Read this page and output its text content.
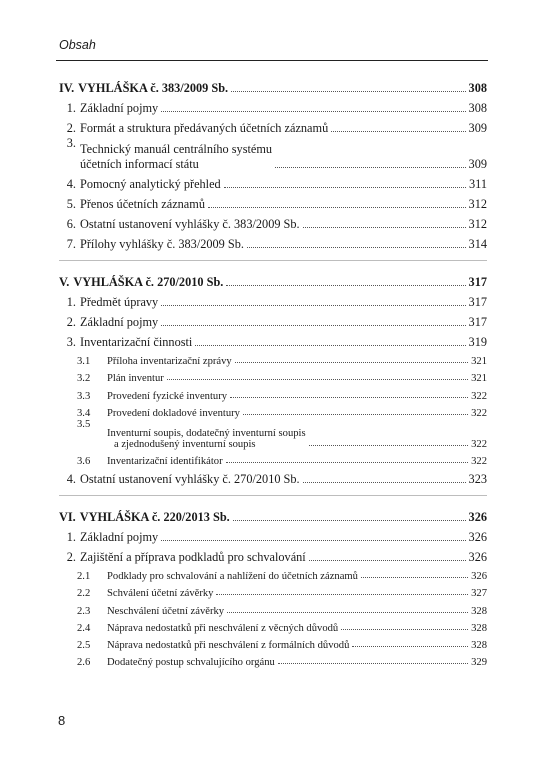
Obsah
IV. VYHLÁŠKA č. 383/2009 Sb.	308
1. Základní pojmy	308
2. Formát a struktura předávaných účetních záznamů	309
3. Technický manuál centrálního systému
účetních informací státu	309
4. Pomocný analytický přehled	311
5. Přenos účetních záznamů	312
6. Ostatní ustanovení vyhlášky č. 383/2009 Sb.	312
7. Přílohy vyhlášky č. 383/2009 Sb.	314
V. VYHLÁŠKA č. 270/2010 Sb.	317
1. Předmět úpravy	317
2. Základní pojmy	317
3. Inventarizační činnosti	319
3.1	Příloha inventarizační zprávy	321
3.2	Plán inventur	321
3.3	Provedení fyzické inventury	322
3.4	Provedení dokladové inventury	322
3.5
Inventurní soupis, dodatečný inventurní soupis
a zjednodušený inventurní soupis	322
3.6	Inventarizační identifikátor	322
4. Ostatní ustanovení vyhlášky č. 270/2010 Sb.	323
VI. VYHLÁŠKA č. 220/2013 Sb.	326
1. Základní pojmy	326
2. Zajištění a příprava podkladů pro schvalování	326
2.1	Podklady pro schvalování a nahlížení do účetních záznamů	326
2.2	Schválení účetní závěrky	327
2.3	Neschválení účetní závěrky	328
2.4	Náprava nedostatků při neschválení z věcných důvodů	328
2.5	Náprava nedostatků při neschválení z formálních důvodů	328
2.6	Dodatečný postup schvalujícího orgánu	329
8
